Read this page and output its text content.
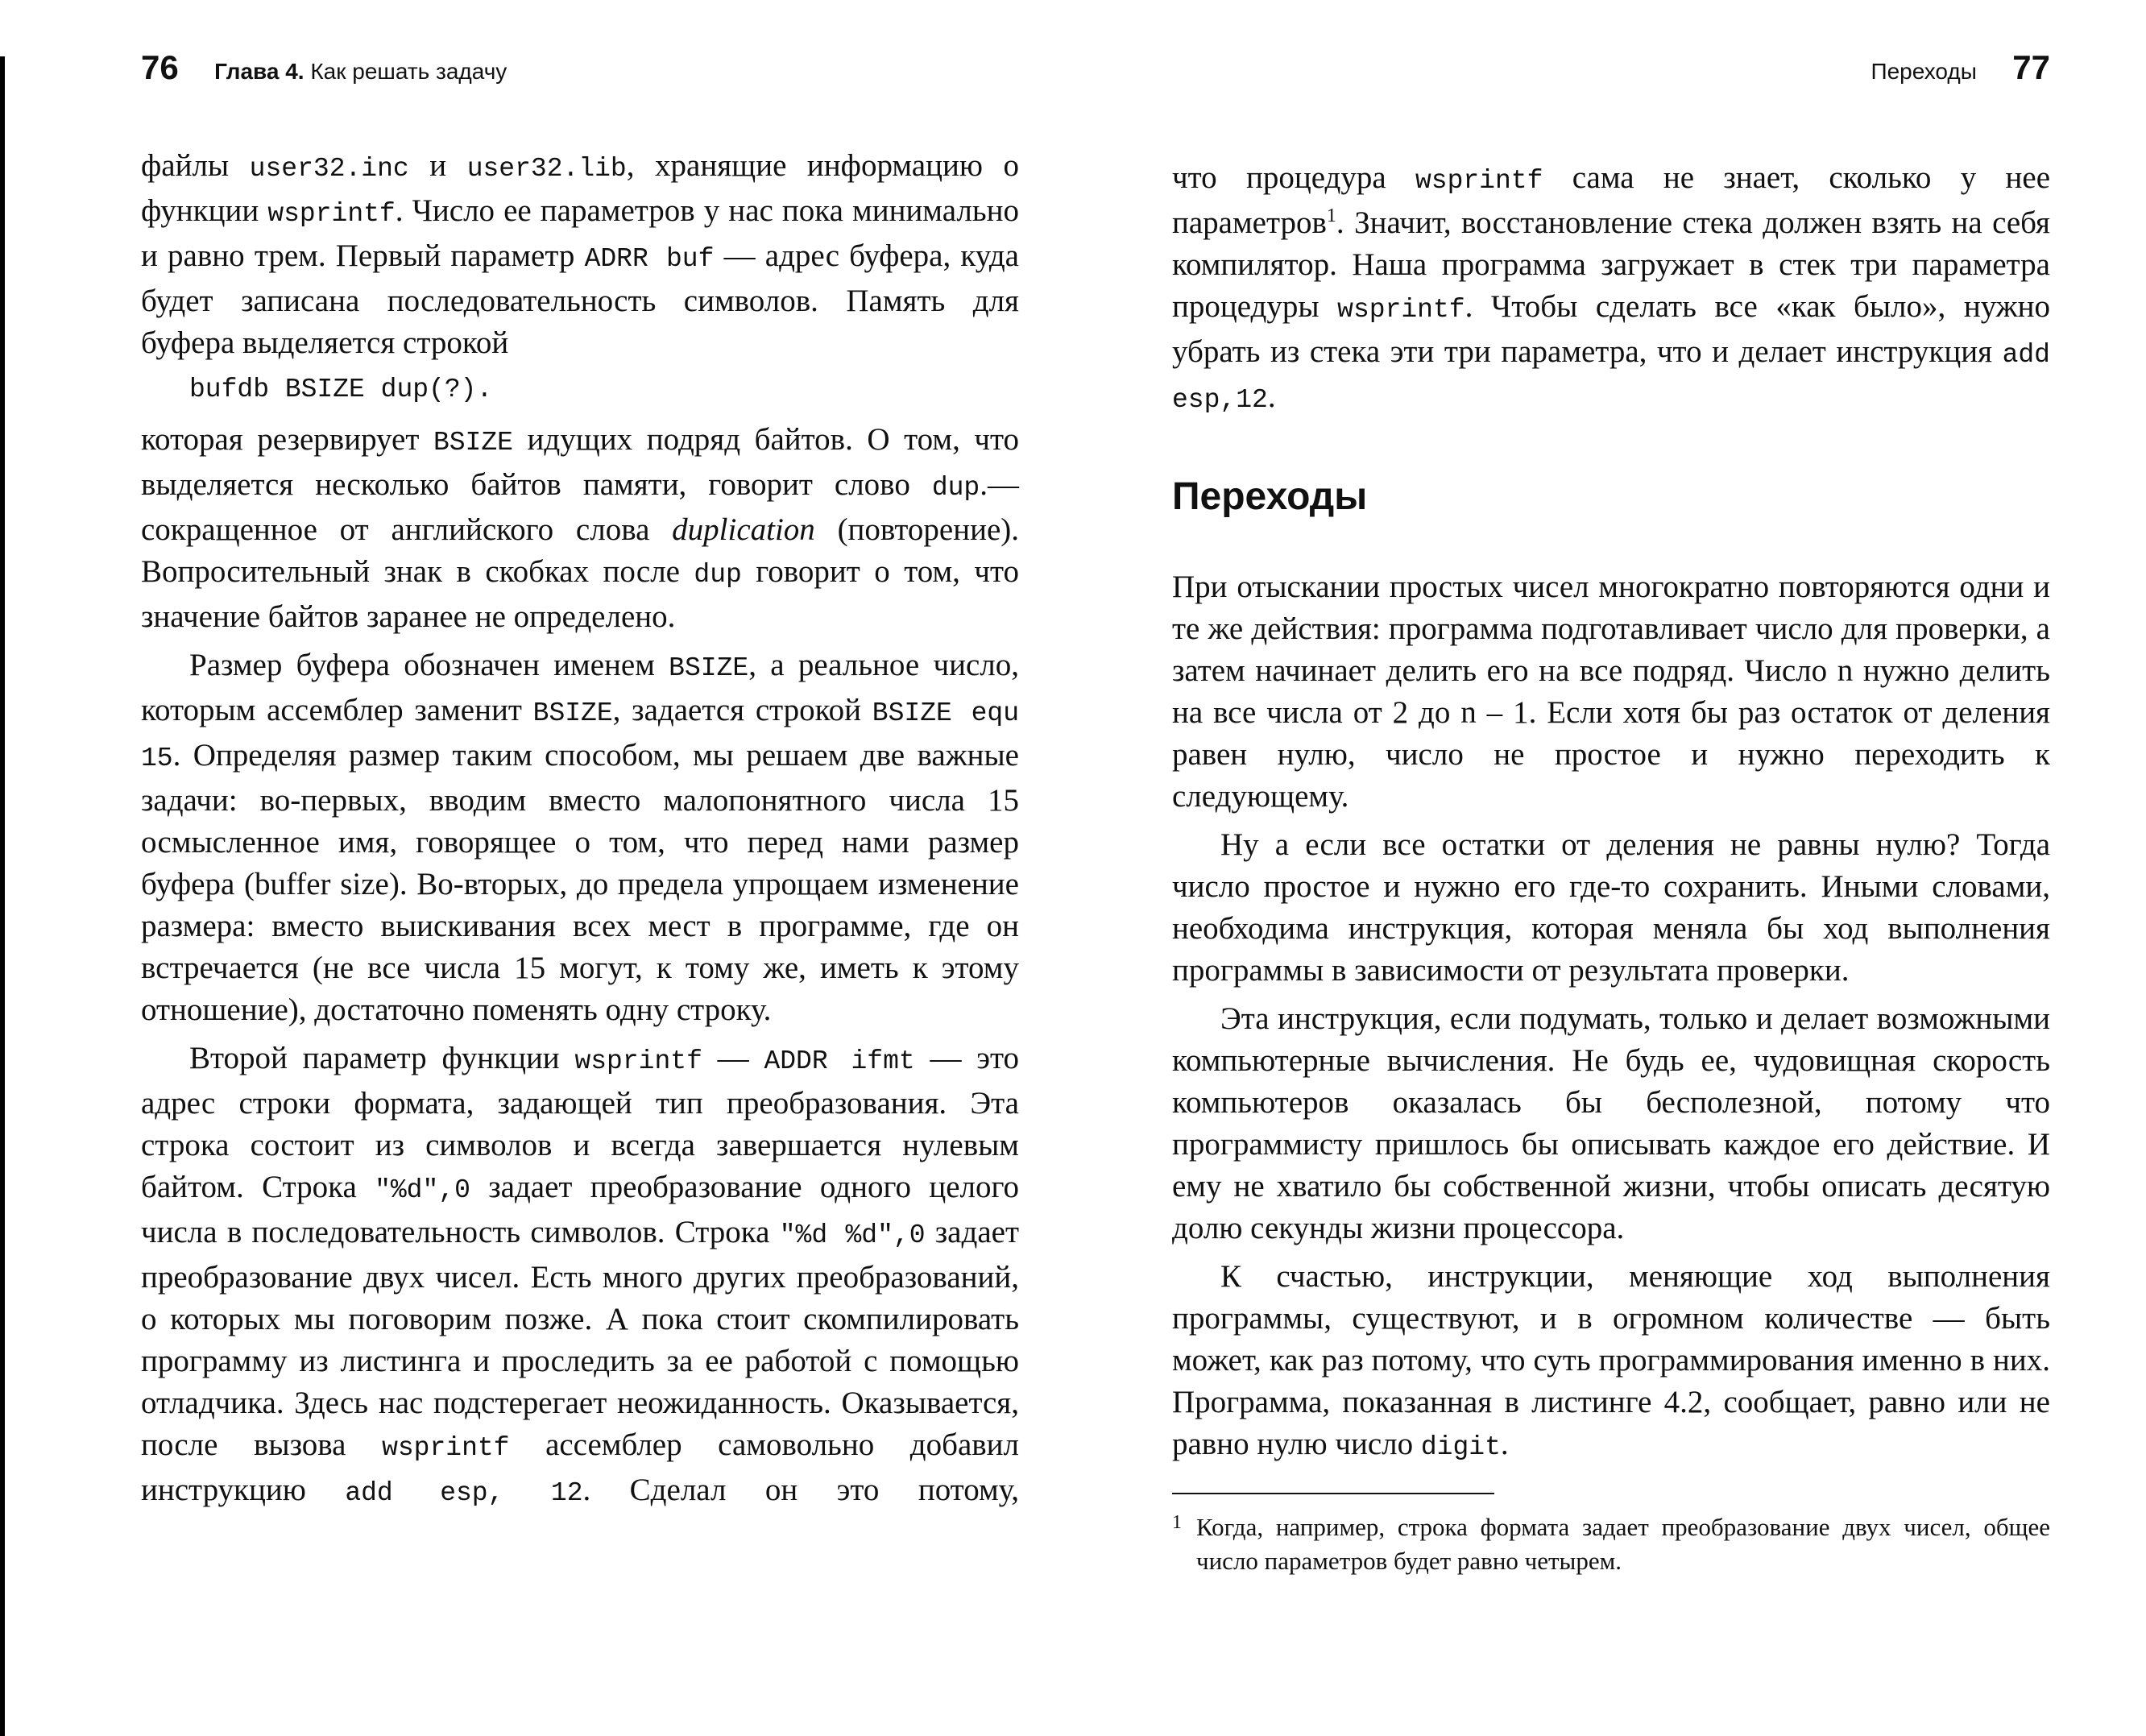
76 Глава 4. Как решать задачу

файлы user32.inc и user32.lib, хранящие информацию о функции wsprintf. Число ее параметров у нас пока минимально и равно трем. Первый параметр ADRR buf — адрес буфера, куда будет записана последовательность символов. Память для буфера выделяется строкой

bufdb BSIZE dup(?).

которая резервирует BSIZE идущих подряд байтов. О том, что выделяется несколько байтов памяти, говорит слово dup.— сокращенное от английского слова duplication (повторение). Вопросительный знак в скобках после dup говорит о том, что значение байтов заранее не определено.

Размер буфера обозначен именем BSIZE, а реальное число, которым ассемблер заменит BSIZE, задается строкой BSIZE equ 15. Определяя размер таким способом, мы решаем две важные задачи: во-первых, вводим вместо малопонятного числа 15 осмысленное имя, говорящее о том, что перед нами размер буфера (buffer size). Во-вторых, до предела упрощаем изменение размера: вместо выискивания всех мест в программе, где он встречается (не все числа 15 могут, к тому же, иметь к этому отношение), достаточно поменять одну строку.

Второй параметр функции wsprintf — ADDR ifmt — это адрес строки формата, задающей тип преобразования. Эта строка состоит из символов и всегда завершается нулевым байтом. Строка "%d",0 задает преобразование одного целого числа в последовательность символов. Строка "%d %d",0 задает преобразование двух чисел. Есть много других преобразований, о которых мы поговорим позже. А пока стоит скомпилировать программу из листинга и проследить за ее работой с помощью отладчика. Здесь нас подстерегает неожиданность. Оказывается, после вызова wsprintf ассемблер самовольно добавил инструкцию add esp, 12. Сделал он это потому,

Переходы 77

что процедура wsprintf сама не знает, сколько у нее параметров$^1$. Значит, восстановление стека должен взять на себя компилятор. Наша программа загружает в стек три параметра процедуры wsprintf. Чтобы сделать все «как было», нужно убрать из стека эти три параметра, что и делает инструкция add esp,12.

Переходы

При отыскании простых чисел многократно повторяются одни и те же действия: программа подготавливает число для проверки, а затем начинает делить его на все подряд. Число n нужно делить на все числа от 2 до n – 1. Если хотя бы раз остаток от деления равен нулю, число не простое и нужно переходить к следующему.

Ну а если все остатки от деления не равны нулю? Тогда число простое и нужно его где-то сохранить. Иными словами, необходима инструкция, которая меняла бы ход выполнения программы в зависимости от результата проверки.

Эта инструкция, если подумать, только и делает возможными компьютерные вычисления. Не будь ее, чудовищная скорость компьютеров оказалась бы бесполезной, потому что программисту пришлось бы описывать каждое его действие. И ему не хватило бы собственной жизни, чтобы описать десятую долю секунды жизни процессора.

К счастью, инструкции, меняющие ход выполнения программы, существуют, и в огромном количестве — быть может, как раз потому, что суть программирования именно в них. Программа, показанная в листинге 4.2, сообщает, равно или не равно нулю число digit.

1 Когда, например, строка формата задает преобразование двух чисел, общее число параметров будет равно четырем.
